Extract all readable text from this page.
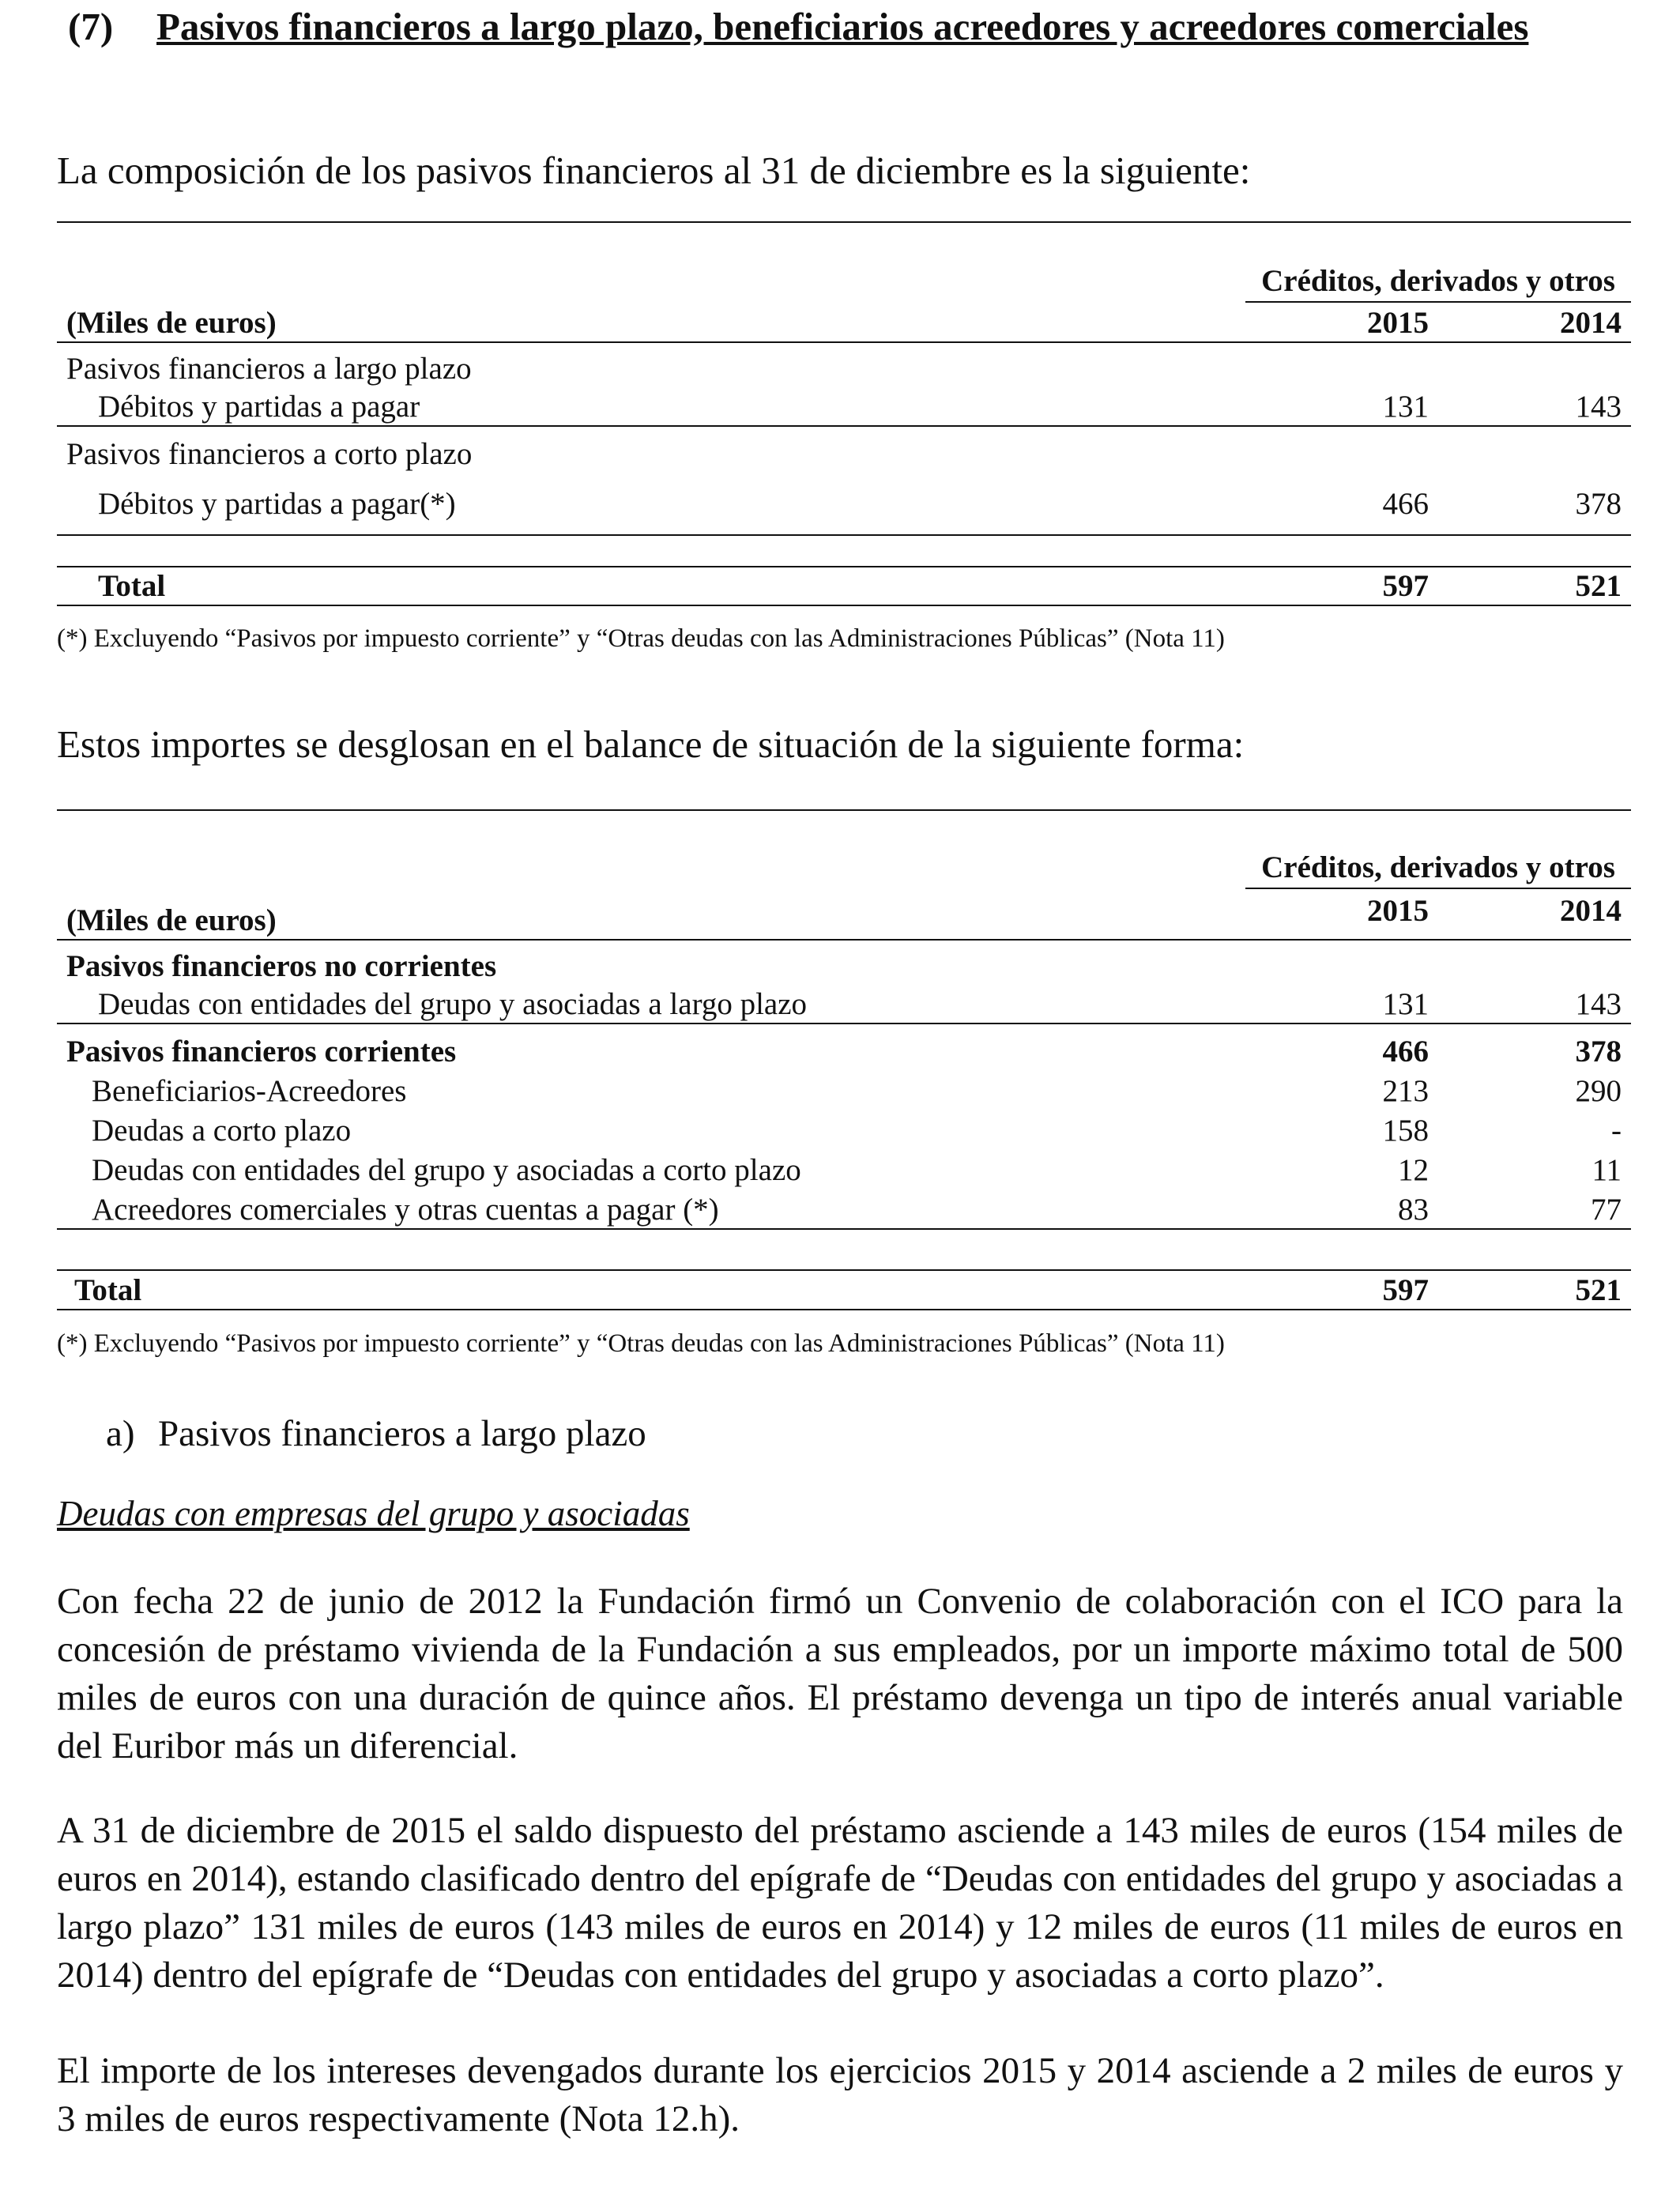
(7) Pasivos financieros a largo plazo, beneficiarios acreedores y acreedores comerciales
La composición de los pasivos financieros al 31 de diciembre es la siguiente:
	Créditos, derivados y otros	
(Miles de euros)	2015	2014
Pasivos financieros a largo plazo		
Débitos y partidas a pagar	131	143
Pasivos financieros a corto plazo		
Débitos y partidas a pagar(*)	466	378

Total	597	521
(*) Excluyendo “Pasivos por impuesto corriente” y “Otras deudas con las Administraciones Públicas” (Nota 11)
Estos importes se desglosan en el balance de situación de la siguiente forma:
	Créditos, derivados y otros	
(Miles de euros)	2015	2014
Pasivos financieros no corrientes		
Deudas con entidades del grupo y asociadas a largo plazo	131	143
Pasivos financieros corrientes	466	378
Beneficiarios-Acreedores	213	290
Deudas a corto plazo	158	-
Deudas con entidades del grupo y asociadas a corto plazo	12	11
Acreedores comerciales y otras cuentas a pagar (*)	83	77

Total	597	521
(*) Excluyendo “Pasivos por impuesto corriente” y “Otras deudas con las Administraciones Públicas” (Nota 11)
a) Pasivos financieros a largo plazo
Deudas con empresas del grupo y asociadas
Con fecha 22 de junio de 2012 la Fundación firmó un Convenio de colaboración con el ICO para la concesión de préstamo vivienda de la Fundación a sus empleados, por un importe máximo total de 500 miles de euros con una duración de quince años. El préstamo devenga un tipo de interés anual variable del Euribor más un diferencial.
A 31 de diciembre de 2015 el saldo dispuesto del préstamo asciende a 143 miles de euros (154 miles de euros en 2014), estando clasificado dentro del epígrafe de “Deudas con entidades del grupo y asociadas a largo plazo” 131 miles de euros (143 miles de euros en 2014) y 12 miles de euros (11 miles de euros en 2014) dentro del epígrafe de “Deudas con entidades del grupo y asociadas a corto plazo”.
El importe de los intereses devengados durante los ejercicios 2015 y 2014 asciende a 2 miles de euros y 3 miles de euros respectivamente (Nota 12.h).
